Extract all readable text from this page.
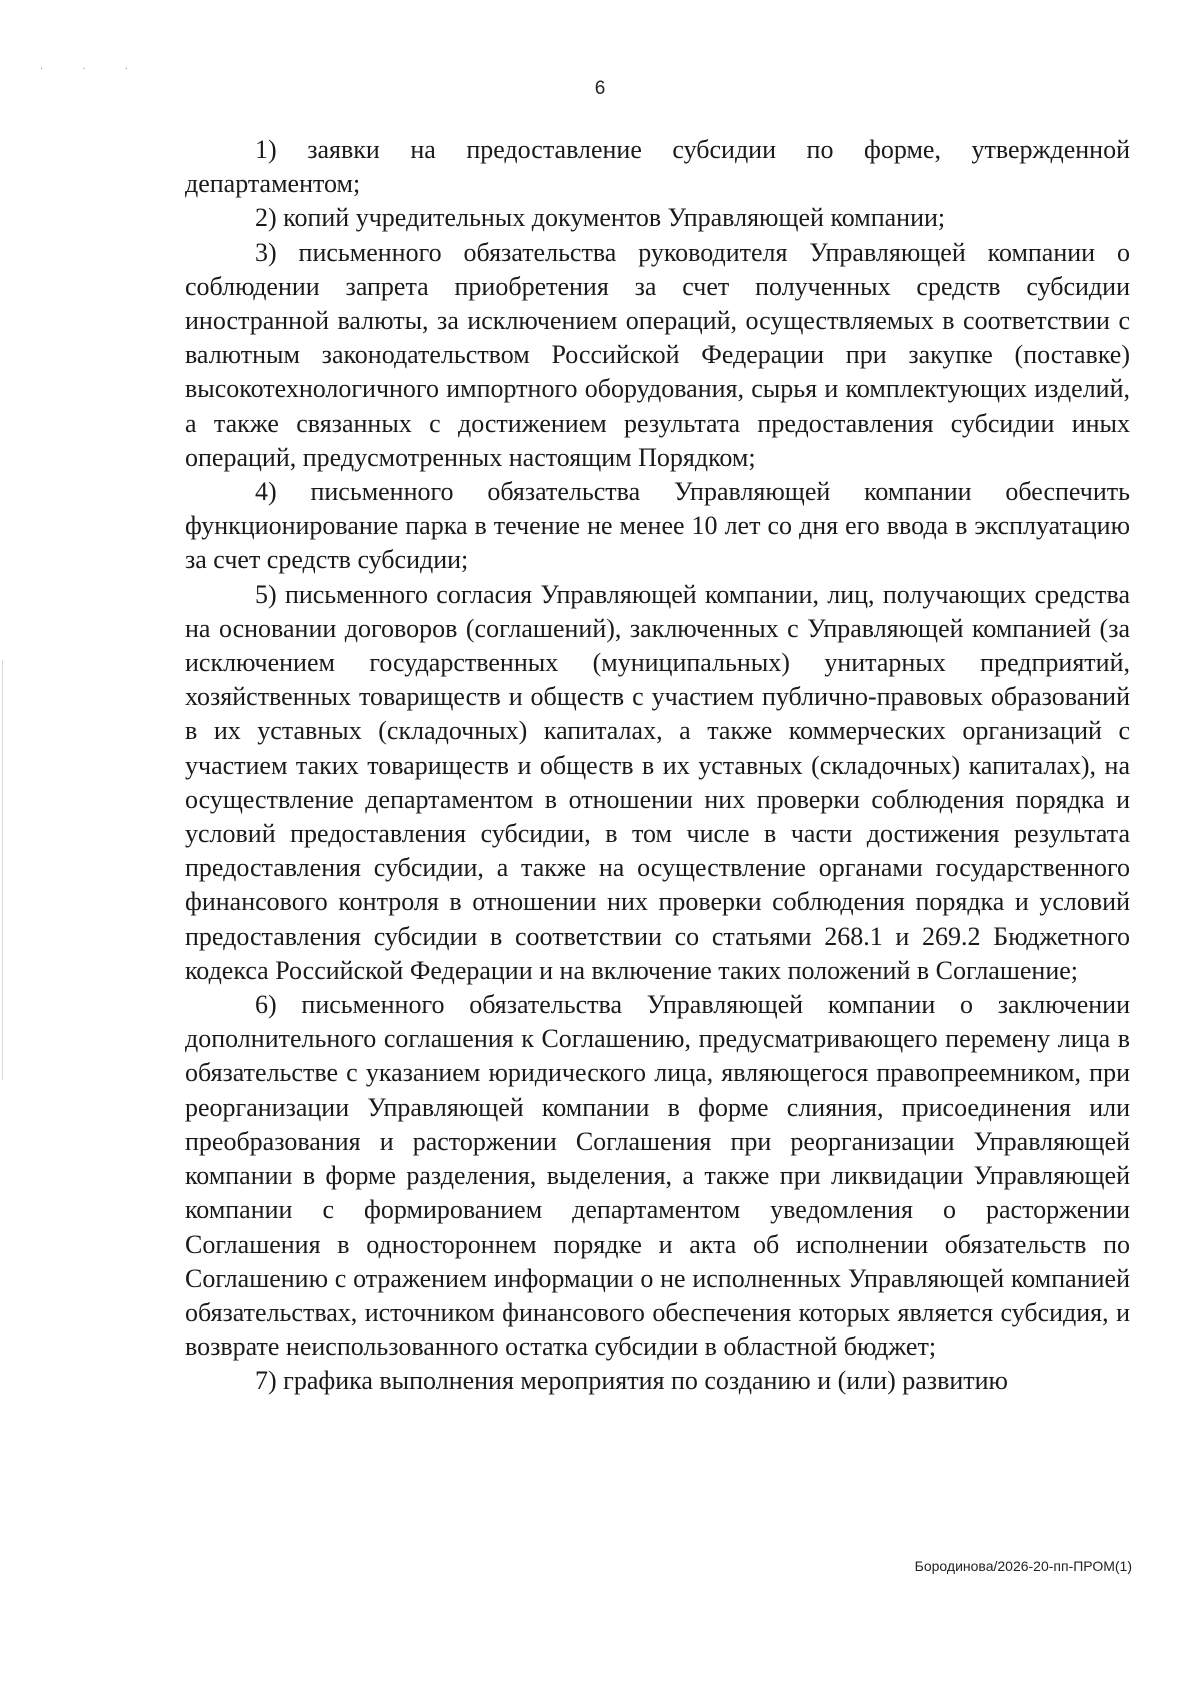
· · ·
6

1) заявки на предоставление субсидии по форме, утвержденной департаментом;

2) копий учредительных документов Управляющей компании;

3) письменного обязательства руководителя Управляющей компании о соблюдении запрета приобретения за счет полученных средств субсидии иностранной валюты, за исключением операций, осуществляемых в соответствии с валютным законодательством Российской Федерации при закупке (поставке) высокотехнологичного импортного оборудования, сырья и комплектующих изделий, а также связанных с достижением результата предоставления субсидии иных операций, предусмотренных настоящим Порядком;

4) письменного обязательства Управляющей компании обеспечить функционирование парка в течение не менее 10 лет со дня его ввода в эксплуатацию за счет средств субсидии;

5) письменного согласия Управляющей компании, лиц, получающих средства на основании договоров (соглашений), заключенных с Управляющей компанией (за исключением государственных (муниципальных) унитарных предприятий, хозяйственных товариществ и обществ с участием публично-правовых образований в их уставных (складочных) капиталах, а также коммерческих организаций с участием таких товариществ и обществ в их уставных (складочных) капиталах), на осуществление департаментом в отношении них проверки соблюдения порядка и условий предоставления субсидии, в том числе в части достижения результата предоставления субсидии, а также на осуществление органами государственного финансового контроля в отношении них проверки соблюдения порядка и условий предоставления субсидии в соответствии со статьями 268.1 и 269.2 Бюджетного кодекса Российской Федерации и на включение таких положений в Соглашение;

6) письменного обязательства Управляющей компании о заключении дополнительного соглашения к Соглашению, предусматривающего перемену лица в обязательстве с указанием юридического лица, являющегося правопреемником, при реорганизации Управляющей компании в форме слияния, присоединения или преобразования и расторжении Соглашения при реорганизации Управляющей компании в форме разделения, выделения, а также при ликвидации Управляющей компании с формированием департаментом уведомления о расторжении Соглашения в одностороннем порядке и акта об исполнении обязательств по Соглашению с отражением информации о не исполненных Управляющей компанией обязательствах, источником финансового обеспечения которых является субсидия, и возврате неиспользованного остатка субсидии в областной бюджет;

7) графика выполнения мероприятия по созданию и (или) развитию

Бородинова/2026-20-пп-ПРОМ(1)
